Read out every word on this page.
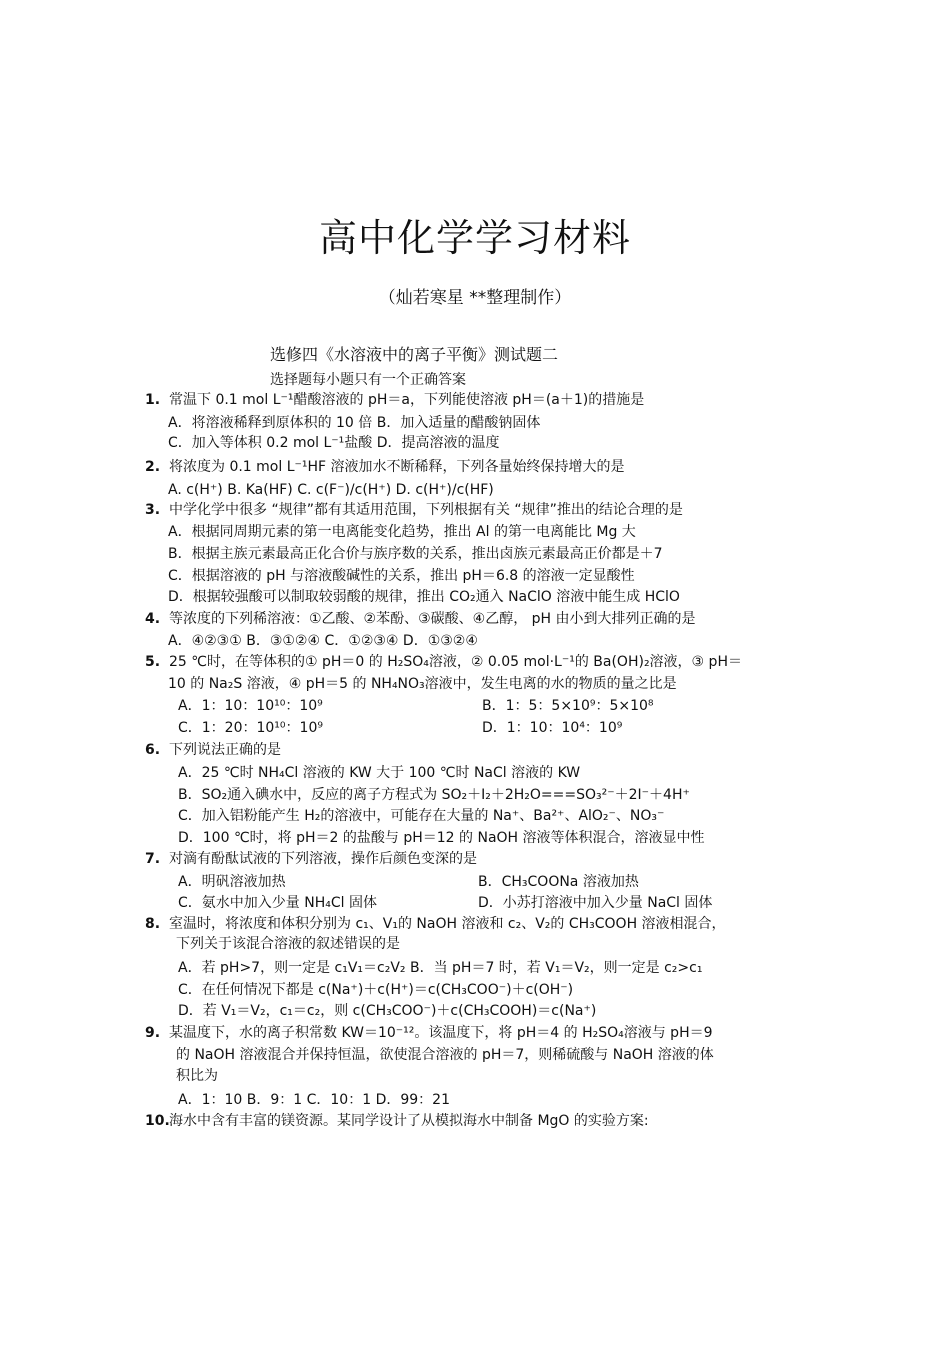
高中化学学习材料
（灿若寒星 **整理制作）
选修四《水溶液中的离子平衡》测试题二
选择题每小题只有一个正确答案
1. 常温下 0.1 mol L⁻¹醋酸溶液的 pH＝a，下列能使溶液 pH＝(a＋1)的措施是
A．将溶液稀释到原体积的 10 倍 B．加入适量的醋酸钠固体
C．加入等体积 0.2 mol L⁻¹盐酸 D．提高溶液的温度
2. 将浓度为 0.1 mol L⁻¹HF 溶液加水不断稀释，下列各量始终保持增大的是
A. c(H⁺) B. Ka(HF) C. c(F⁻)/c(H⁺) D. c(H⁺)/c(HF)
3. 中学化学中很多 “规律”都有其适用范围，下列根据有关 “规律”推出的结论合理的是
A．根据同周期元素的第一电离能变化趋势，推出 Al 的第一电离能比 Mg 大
B．根据主族元素最高正化合价与族序数的关系，推出卤族元素最高正价都是＋7
C．根据溶液的 pH 与溶液酸碱性的关系，推出 pH＝6.8 的溶液一定显酸性
D．根据较强酸可以制取较弱酸的规律，推出 CO₂通入 NaClO 溶液中能生成 HClO
4. 等浓度的下列稀溶液：①乙酸、②苯酚、③碳酸、④乙醇， pH 由小到大排列正确的是
A．④②③① B．③①②④ C．①②③④ D．①③②④
5. 25 ℃时，在等体积的① pH＝0 的 H₂SO₄溶液，② 0.05 mol·L⁻¹的 Ba(OH)₂溶液，③ pH＝
10 的 Na₂S 溶液，④ pH＝5 的 NH₄NO₃溶液中，发生电离的水的物质的量之比是
A．1：10：10¹⁰：10⁹	B．1：5：5×10⁹：5×10⁸
C．1：20：10¹⁰：10⁹	D．1：10：10⁴：10⁹
6. 下列说法正确的是
A．25 ℃时 NH₄Cl 溶液的 KW 大于 100 ℃时 NaCl 溶液的 KW
B．SO₂通入碘水中，反应的离子方程式为 SO₂＋I₂＋2H₂O===SO₃²⁻＋2I⁻＋4H⁺
C．加入铝粉能产生 H₂的溶液中，可能存在大量的 Na⁺、Ba²⁺、AlO₂⁻、NO₃⁻
D．100 ℃时，将 pH＝2 的盐酸与 pH＝12 的 NaOH 溶液等体积混合，溶液显中性
7. 对滴有酚酞试液的下列溶液，操作后颜色变深的是
A．明矾溶液加热	B．CH₃COONa 溶液加热
C．氨水中加入少量 NH₄Cl 固体	D．小苏打溶液中加入少量 NaCl 固体
8. 室温时，将浓度和体积分别为 c₁、V₁的 NaOH 溶液和 c₂、V₂的 CH₃COOH 溶液相混合，
下列关于该混合溶液的叙述错误的是
A．若 pH>7，则一定是 c₁V₁＝c₂V₂ B．当 pH＝7 时，若 V₁＝V₂，则一定是 c₂>c₁
C．在任何情况下都是 c(Na⁺)＋c(H⁺)＝c(CH₃COO⁻)＋c(OH⁻)
D．若 V₁＝V₂，c₁＝c₂，则 c(CH₃COO⁻)＋c(CH₃COOH)＝c(Na⁺)
9. 某温度下，水的离子积常数 KW＝10⁻¹²。该温度下，将 pH＝4 的 H₂SO₄溶液与 pH＝9
的 NaOH 溶液混合并保持恒温，欲使混合溶液的 pH＝7，则稀硫酸与 NaOH 溶液的体
积比为
A．1：10 B．9：1 C．10：1 D．99：21
10.海水中含有丰富的镁资源。某同学设计了从模拟海水中制备 MgO 的实验方案:
